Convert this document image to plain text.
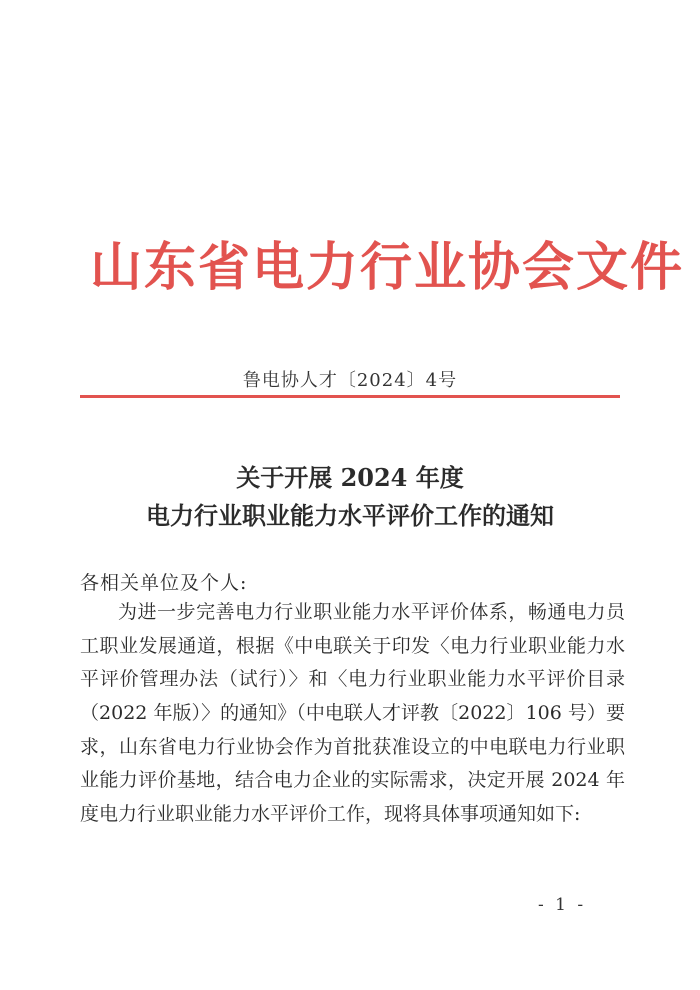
山东省电力行业协会文件
鲁电协人才〔2024〕4号
关于开展 2024 年度
电力行业职业能力水平评价工作的通知
各相关单位及个人:
为进一步完善电力行业职业能力水平评价体系，畅通电力员
工职业发展通道，根据《中电联关于印发〈电力行业职业能力水
平评价管理办法（试行）〉和〈电力行业职业能力水平评价目录
（2022 年版）〉的通知》（中电联人才评教〔2022〕106 号）要
求，山东省电力行业协会作为首批获准设立的中电联电力行业职
业能力评价基地，结合电力企业的实际需求，决定开展 2024 年
度电力行业职业能力水平评价工作，现将具体事项通知如下:
- 1 -
